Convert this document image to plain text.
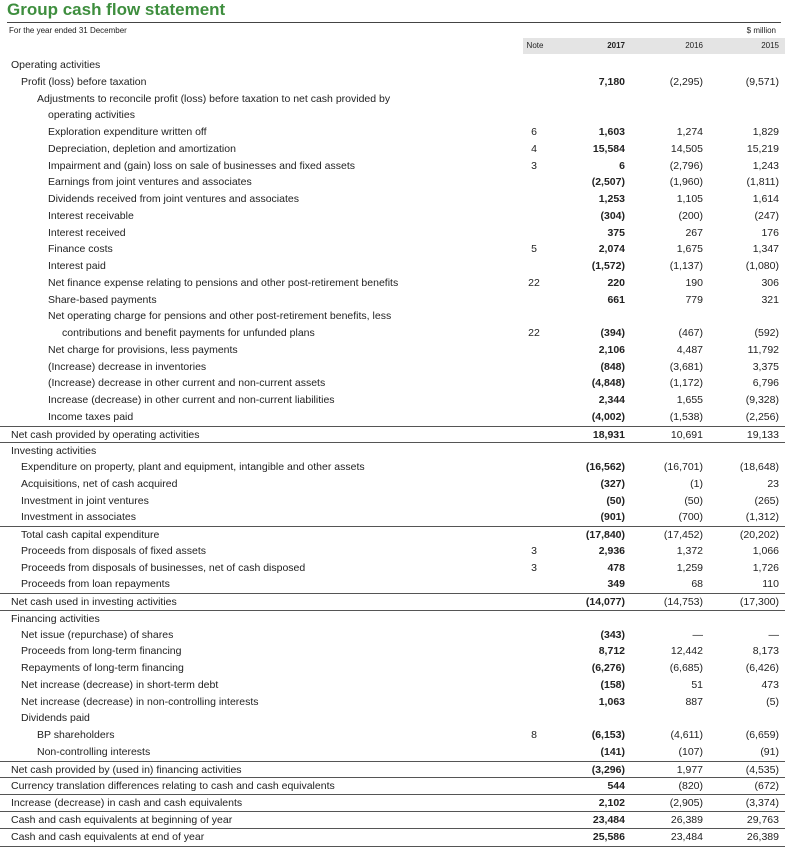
Group cash flow statement
For the year ended 31 December	$ million
Note	2017	2016	2015
Operating activities
Profit (loss) before taxation	7,180	(2,295)	(9,571)
Adjustments to reconcile profit (loss) before taxation to net cash provided by
operating activities
Exploration expenditure written off	6	1,603	1,274	1,829
Depreciation, depletion and amortization	4	15,584	14,505	15,219
Impairment and (gain) loss on sale of businesses and fixed assets	3	6	(2,796)	1,243
Earnings from joint ventures and associates	(2,507)	(1,960)	(1,811)
Dividends received from joint ventures and associates	1,253	1,105	1,614
Interest receivable	(304)	(200)	(247)
Interest received	375	267	176
Finance costs	5	2,074	1,675	1,347
Interest paid	(1,572)	(1,137)	(1,080)
Net finance expense relating to pensions and other post-retirement benefits	22	220	190	306
Share-based payments	661	779	321
Net operating charge for pensions and other post-retirement benefits, less
contributions and benefit payments for unfunded plans	22	(394)	(467)	(592)
Net charge for provisions, less payments	2,106	4,487	11,792
(Increase) decrease in inventories	(848)	(3,681)	3,375
(Increase) decrease in other current and non-current assets	(4,848)	(1,172)	6,796
Increase (decrease) in other current and non-current liabilities	2,344	1,655	(9,328)
Income taxes paid	(4,002)	(1,538)	(2,256)
Net cash provided by operating activities	18,931	10,691	19,133
Investing activities
Expenditure on property, plant and equipment, intangible and other assets	(16,562)	(16,701)	(18,648)
Acquisitions, net of cash acquired	(327)	(1)	23
Investment in joint ventures	(50)	(50)	(265)
Investment in associates	(901)	(700)	(1,312)
Total cash capital expenditure	(17,840)	(17,452)	(20,202)
Proceeds from disposals of fixed assets	3	2,936	1,372	1,066
Proceeds from disposals of businesses, net of cash disposed	3	478	1,259	1,726
Proceeds from loan repayments	349	68	110
Net cash used in investing activities	(14,077)	(14,753)	(17,300)
Financing activities
Net issue (repurchase) of shares	(343)	—	—
Proceeds from long-term financing	8,712	12,442	8,173
Repayments of long-term financing	(6,276)	(6,685)	(6,426)
Net increase (decrease) in short-term debt	(158)	51	473
Net increase (decrease) in non-controlling interests	1,063	887	(5)
Dividends paid
BP shareholders	8	(6,153)	(4,611)	(6,659)
Non-controlling interests	(141)	(107)	(91)
Net cash provided by (used in) financing activities	(3,296)	1,977	(4,535)
Currency translation differences relating to cash and cash equivalents	544	(820)	(672)
Increase (decrease) in cash and cash equivalents	2,102	(2,905)	(3,374)
Cash and cash equivalents at beginning of year	23,484	26,389	29,763
Cash and cash equivalents at end of year	25,586	23,484	26,389
